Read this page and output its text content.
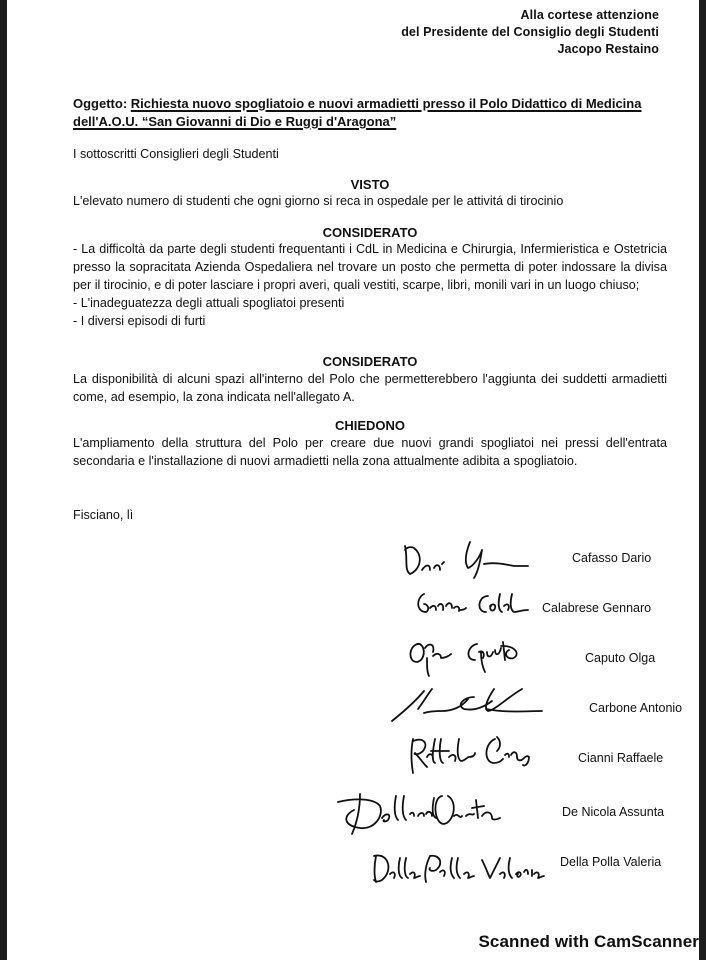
Alla cortese attenzione
del Presidente del Consiglio degli Studenti
Jacopo Restaino
Oggetto: Richiesta nuovo spogliatoio e nuovi armadietti presso il Polo Didattico di Medicina
dell'A.O.U. “San Giovanni di Dio e Ruggi d'Aragona”
I sottoscritti Consiglieri degli Studenti
VISTO
L'elevato numero di studenti che ogni giorno si reca in ospedale per le attivitá di tirocinio
CONSIDERATO
- La difficoltà da parte degli studenti frequentanti i CdL in Medicina e Chirurgia, Infermieristica e Ostetricia presso la sopracitata Azienda Ospedaliera nel trovare un posto che permetta di poter indossare la divisa per il tirocinio, e di poter lasciare i propri averi, quali vestiti, scarpe, libri, monili vari in un luogo chiuso;
- L'inadeguatezza degli attuali spogliatoi presenti
- I diversi episodi di furti
CONSIDERATO
La disponibilità di alcuni spazi all'interno del Polo che permetterebbero l'aggiunta dei suddetti armadietti come, ad esempio, la zona indicata nell'allegato A.
CHIEDONO
L'ampliamento della struttura del Polo per creare due nuovi grandi spogliatoi nei pressi dell'entrata secondaria e l'installazione di nuovi armadietti nella zona attualmente adibita a spogliatoio.
Fisciano, lì
Cafasso Dario
Calabrese Gennaro
Caputo Olga
Carbone Antonio
Cianni Raffaele
De Nicola Assunta
Della Polla Valeria
Scanned with CamScanner
